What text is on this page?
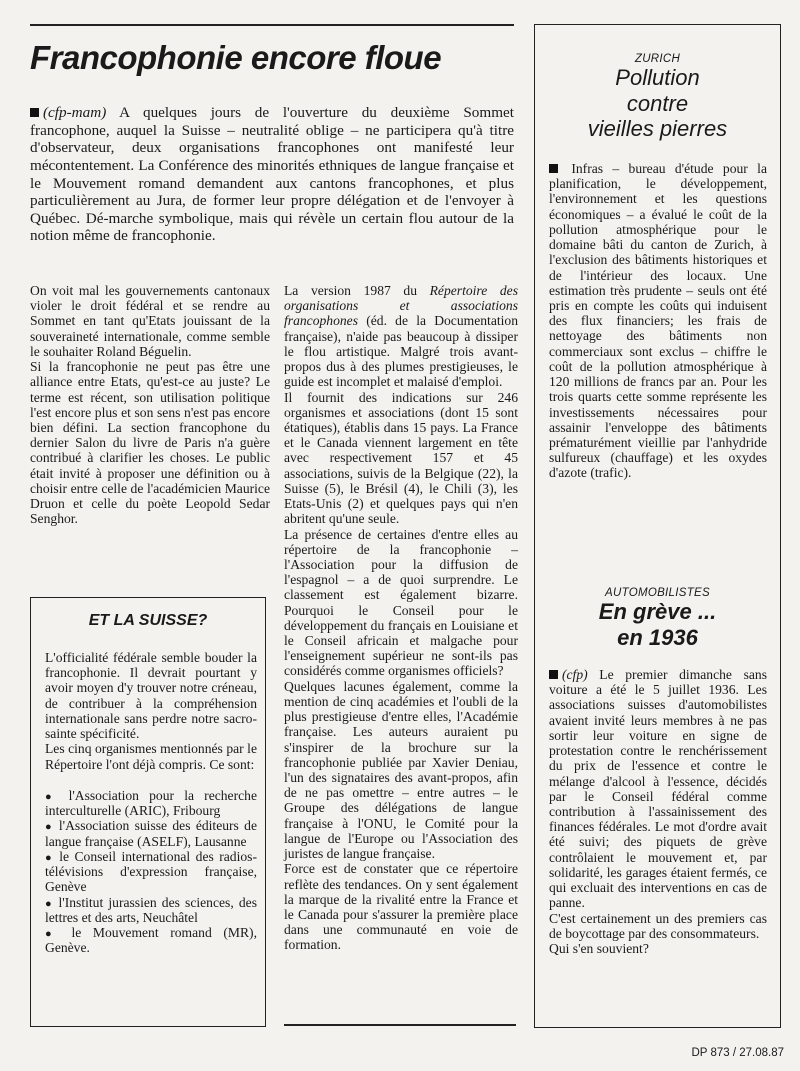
Francophonie encore floue

(cfp-mam) A quelques jours de l'ouverture du deuxième Sommet francophone, auquel la Suisse – neutralité oblige – ne participera qu'à titre d'observateur, deux organisations francophones ont manifesté leur mécontentement. La Conférence des minorités ethniques de langue française et le Mouvement romand demandent aux cantons francophones, et plus particulièrement au Jura, de former leur propre délégation et de l'envoyer à Québec. Dé-marche symbolique, mais qui révèle un certain flou autour de la notion même de francophonie.

On voit mal les gouvernements cantonaux violer le droit fédéral et se rendre au Sommet en tant qu'Etats jouissant de la souveraineté internationale, comme semble le souhaiter Roland Béguelin.

Si la francophonie ne peut pas être une alliance entre Etats, qu'est-ce au juste? Le terme est récent, son utilisation politique l'est encore plus et son sens n'est pas encore bien défini. La section francophone du dernier Salon du livre de Paris n'a guère contribué à clarifier les choses. Le public était invité à proposer une définition ou à choisir entre celle de l'académicien Maurice Druon et celle du poète Leopold Sedar Senghor.

La version 1987 du Répertoire des organisations et associations francophones (éd. de la Documentation française), n'aide pas beaucoup à dissiper le flou artistique. Malgré trois avant-propos dus à des plumes prestigieuses, le guide est incomplet et malaisé d'emploi.

Il fournit des indications sur 246 organismes et associations (dont 15 sont étatiques), établis dans 15 pays. La France et le Canada viennent largement en tête avec respectivement 157 et 45 associations, suivis de la Belgique (22), la Suisse (5), le Brésil (4), le Chili (3), les Etats-Unis (2) et quelques pays qui n'en abritent qu'une seule.

La présence de certaines d'entre elles au répertoire de la francophonie – l'Association pour la diffusion de l'espagnol – a de quoi surprendre. Le classement est également bizarre. Pourquoi le Conseil pour le développement du français en Louisiane et le Conseil africain et malgache pour l'enseignement supérieur ne sont-ils pas considérés comme organismes officiels?

Quelques lacunes également, comme la mention de cinq académies et l'oubli de la plus prestigieuse d'entre elles, l'Académie française. Les auteurs auraient pu s'inspirer de la brochure sur la francophonie publiée par Xavier Deniau, l'un des signataires des avant-propos, afin de ne pas omettre – entre autres – le Groupe des délégations de langue française à l'ONU, le Comité pour la langue de l'Europe ou l'Association des juristes de langue française.

Force est de constater que ce répertoire reflète des tendances. On y sent également la marque de la rivalité entre la France et le Canada pour s'assurer la première place dans une communauté en voie de formation.

ET LA SUISSE?

L'officialité fédérale semble bouder la francophonie. Il devrait pourtant y avoir moyen d'y trouver notre créneau, de contribuer à la compréhension internationale sans perdre notre sacro-sainte spécificité.

Les cinq organismes mentionnés par le Répertoire l'ont déjà compris. Ce sont:

● l'Association pour la recherche interculturelle (ARIC), Fribourg
● l'Association suisse des éditeurs de langue française (ASELF), Lausanne
● le Conseil international des radios-télévisions d'expression française, Genève
● l'Institut jurassien des sciences, des lettres et des arts, Neuchâtel
● le Mouvement romand (MR), Genève.
ZURICH
Pollution
contre
vieilles pierres

Infras – bureau d'étude pour la planification, le développement, l'environnement et les questions économiques – a évalué le coût de la pollution atmosphérique pour le domaine bâti du canton de Zurich, à l'exclusion des bâtiments historiques et de l'intérieur des locaux. Une estimation très prudente – seuls ont été pris en compte les coûts qui induisent des flux financiers; les frais de nettoyage des bâtiments non commerciaux sont exclus – chiffre le coût de la pollution atmosphérique à 120 millions de francs par an. Pour les trois quarts cette somme représente les investissements nécessaires pour assainir l'enveloppe des bâtiments prématurément vieillie par l'anhydride sulfureux (chauffage) et les oxydes d'azote (trafic).

AUTOMOBILISTES
En grève ...
en 1936

(cfp) Le premier dimanche sans voiture a été le 5 juillet 1936. Les associations suisses d'automobilistes avaient invité leurs membres à ne pas sortir leur voiture en signe de protestation contre le renchérissement du prix de l'essence et contre le mélange d'alcool à l'essence, décidés par le Conseil fédéral comme contribution à l'assainissement des finances fédérales. Le mot d'ordre avait été suivi; des piquets de grève contrôlaient le mouvement et, par solidarité, les garages étaient fermés, ce qui excluait des interventions en cas de panne.

C'est certainement un des premiers cas de boycottage par des consommateurs.

Qui s'en souvient?

DP 873 / 27.08.87
